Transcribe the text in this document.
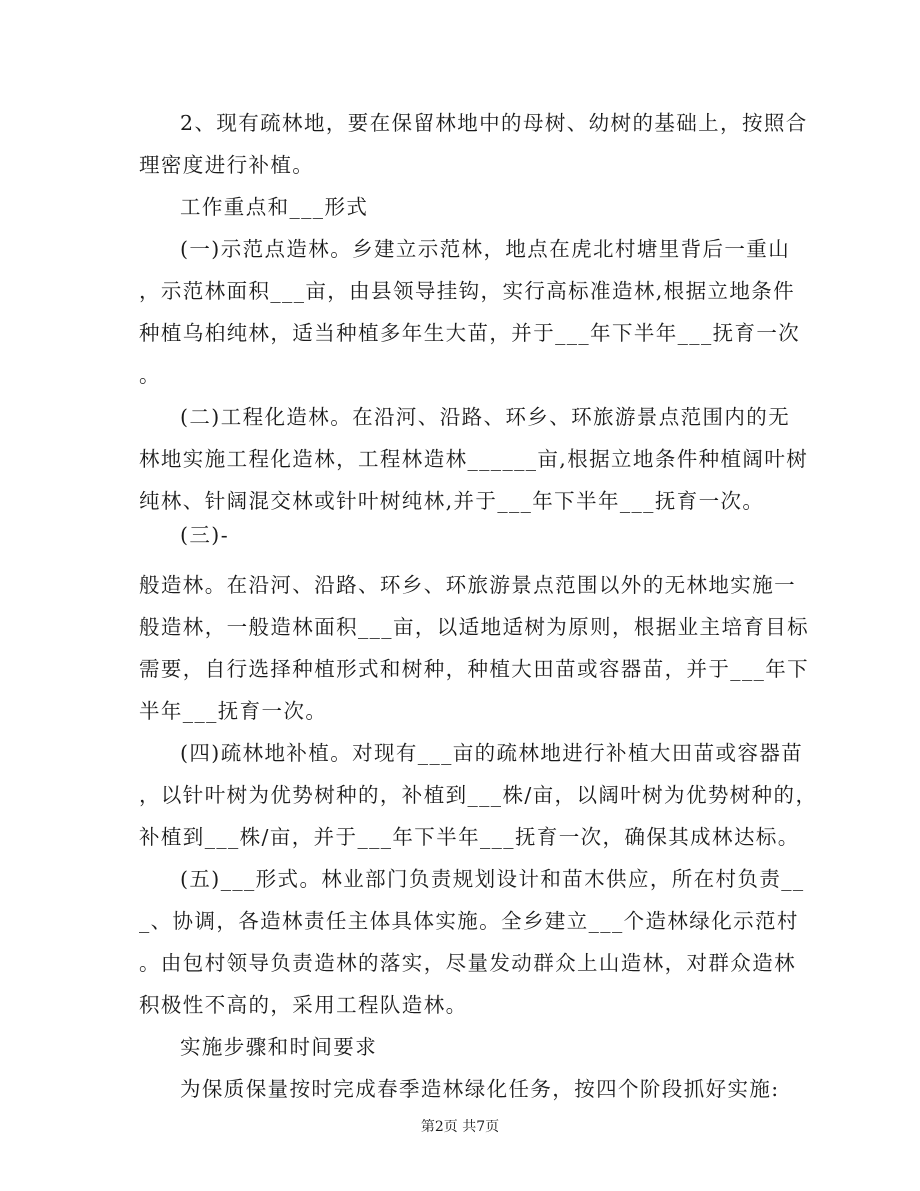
2、现有疏林地，要在保留林地中的母树、幼树的基础上，按照合
理密度进行补植。
工作重点和___形式
(一)示范点造林。乡建立示范林，地点在虎北村塘里背后一重山
，示范林面积___亩，由县领导挂钩，实行高标准造林,根据立地条件
种植乌桕纯林，适当种植多年生大苗，并于___年下半年___抚育一次
。
(二)工程化造林。在沿河、沿路、环乡、环旅游景点范围内的无
林地实施工程化造林，工程林造林______亩,根据立地条件种植阔叶树
纯林、针阔混交林或针叶树纯林,并于___年下半年___抚育一次。
(三)-
般造林。在沿河、沿路、环乡、环旅游景点范围以外的无林地实施一
般造林，一般造林面积___亩，以适地适树为原则，根据业主培育目标
需要，自行选择种植形式和树种，种植大田苗或容器苗，并于___年下
半年___抚育一次。
(四)疏林地补植。对现有___亩的疏林地进行补植大田苗或容器苗
，以针叶树为优势树种的，补植到___株/亩，以阔叶树为优势树种的，
补植到___株/亩，并于___年下半年___抚育一次，确保其成林达标。
(五)___形式。林业部门负责规划设计和苗木供应，所在村负责__
_、协调，各造林责任主体具体实施。全乡建立___个造林绿化示范村
。由包村领导负责造林的落实，尽量发动群众上山造林，对群众造林
积极性不高的，采用工程队造林。
实施步骤和时间要求
为保质保量按时完成春季造林绿化任务，按四个阶段抓好实施:
第2页 共7页
